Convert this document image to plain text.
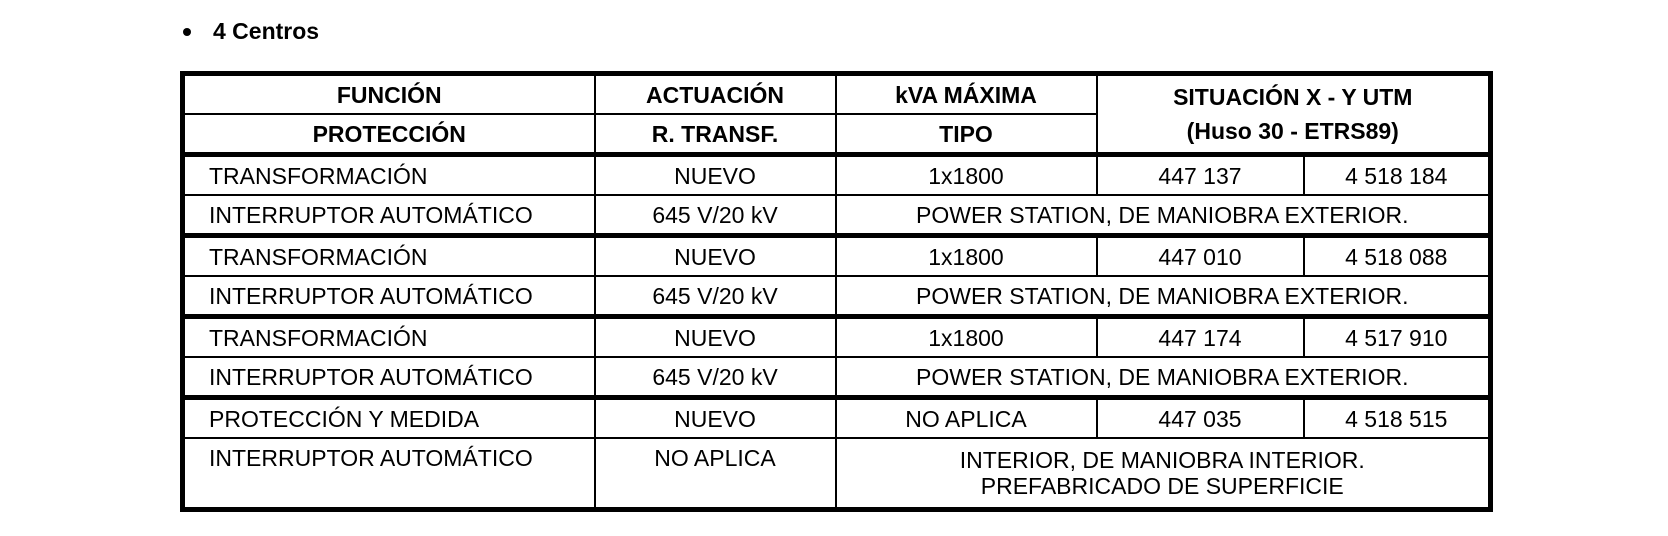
4 Centros
FUNCIÓN	ACTUACIÓN	kVA MÁXIMA	SITUACIÓN X - Y UTM
(Huso 30 - ETRS89)	

PROTECCIÓN	R. TRANSF.	TIPO		
TRANSFORMACIÓN	NUEVO	1x1800	447 137	4 518 184
INTERRUPTOR AUTOMÁTICO	645 V/20 kV	POWER STATION, DE MANIOBRA EXTERIOR.		
TRANSFORMACIÓN	NUEVO	1x1800	447 010	4 518 088
INTERRUPTOR AUTOMÁTICO	645 V/20 kV	POWER STATION, DE MANIOBRA EXTERIOR.		
TRANSFORMACIÓN	NUEVO	1x1800	447 174	4 517 910
INTERRUPTOR AUTOMÁTICO	645 V/20 kV	POWER STATION, DE MANIOBRA EXTERIOR.		
PROTECCIÓN Y MEDIDA	NUEVO	NO APLICA	447 035	4 518 515
INTERRUPTOR AUTOMÁTICO	NO APLICA	INTERIOR, DE MANIOBRA INTERIOR.
PREFABRICADO DE SUPERFICIE		
